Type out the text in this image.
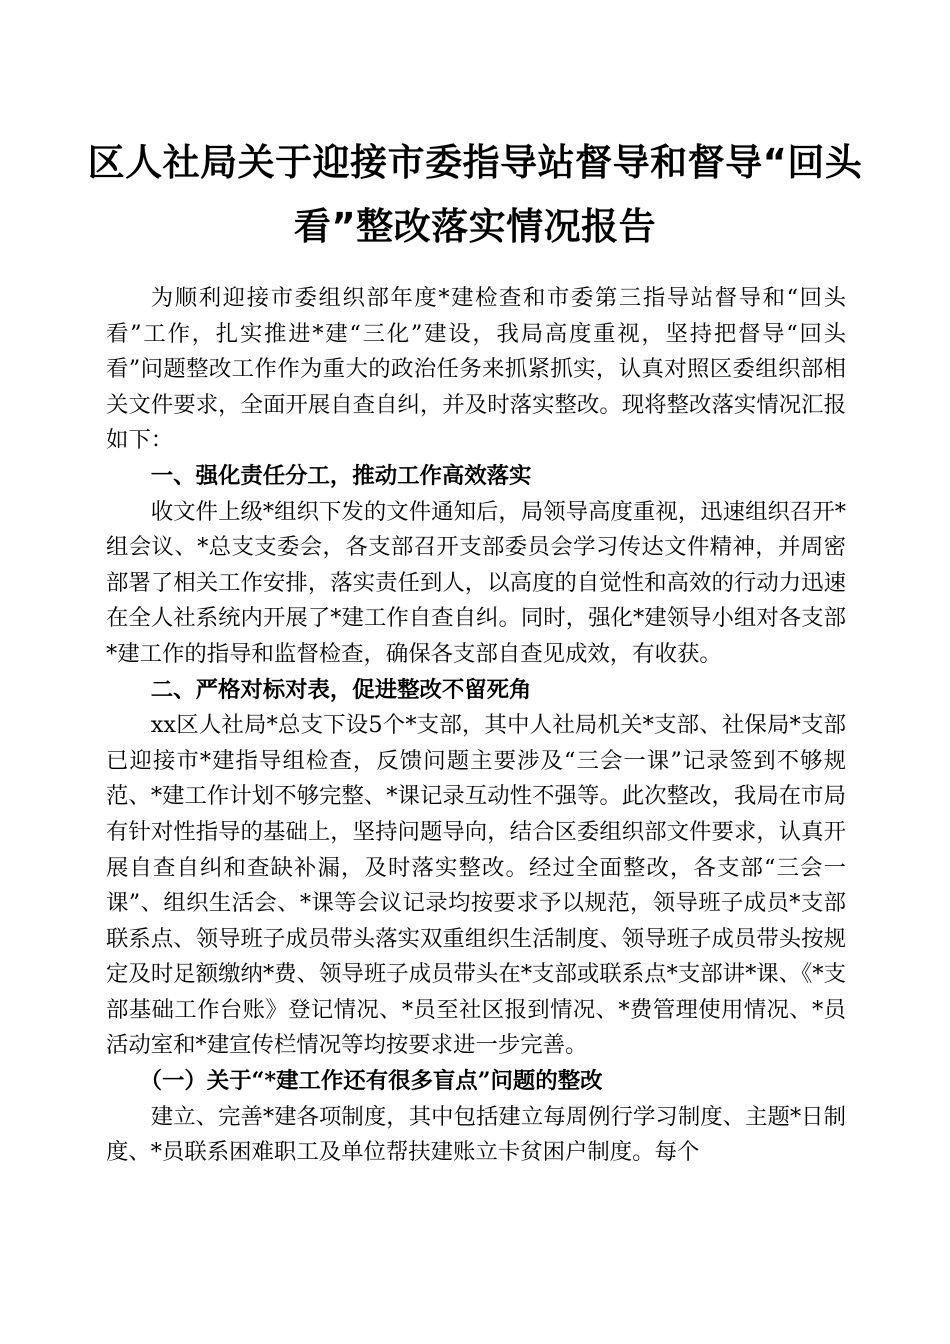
区人社局关于迎接市委指导站督导和督导“回头
看”整改落实情况报告

为顺利迎接市委组织部年度*建检查和市委第三指导站督导和“回头看”工作，扎实推进*建“三化”建设，我局高度重视，坚持把督导“回头看”问题整改工作作为重大的政治任务来抓紧抓实，认真对照区委组织部相关文件要求，全面开展自查自纠，并及时落实整改。现将整改落实情况汇报如下：

一、强化责任分工，推动工作高效落实

收文件上级*组织下发的文件通知后，局领导高度重视，迅速组织召开*组会议、*总支支委会，各支部召开支部委员会学习传达文件精神，并周密部署了相关工作安排，落实责任到人，以高度的自觉性和高效的行动力迅速在全人社系统内开展了*建工作自查自纠。同时，强化*建领导小组对各支部*建工作的指导和监督检查，确保各支部自查见成效，有收获。

二、严格对标对表，促进整改不留死角

xx区人社局*总支下设5个*支部，其中人社局机关*支部、社保局*支部已迎接市*建指导组检查，反馈问题主要涉及“三会一课”记录签到不够规范、*建工作计划不够完整、*课记录互动性不强等。此次整改，我局在市局有针对性指导的基础上，坚持问题导向，结合区委组织部文件要求，认真开展自查自纠和查缺补漏，及时落实整改。经过全面整改，各支部“三会一课”、组织生活会、*课等会议记录均按要求予以规范，领导班子成员*支部联系点、领导班子成员带头落实双重组织生活制度、领导班子成员带头按规定及时足额缴纳*费、领导班子成员带头在*支部或联系点*支部讲*课、《*支部基础工作台账》登记情况、*员至社区报到情况、*费管理使用情况、*员活动室和*建宣传栏情况等均按要求进一步完善。

（一）关于“*建工作还有很多盲点”问题的整改

建立、完善*建各项制度，其中包括建立每周例行学习制度、主题*日制度、*员联系困难职工及单位帮扶建账立卡贫困户制度。每个
